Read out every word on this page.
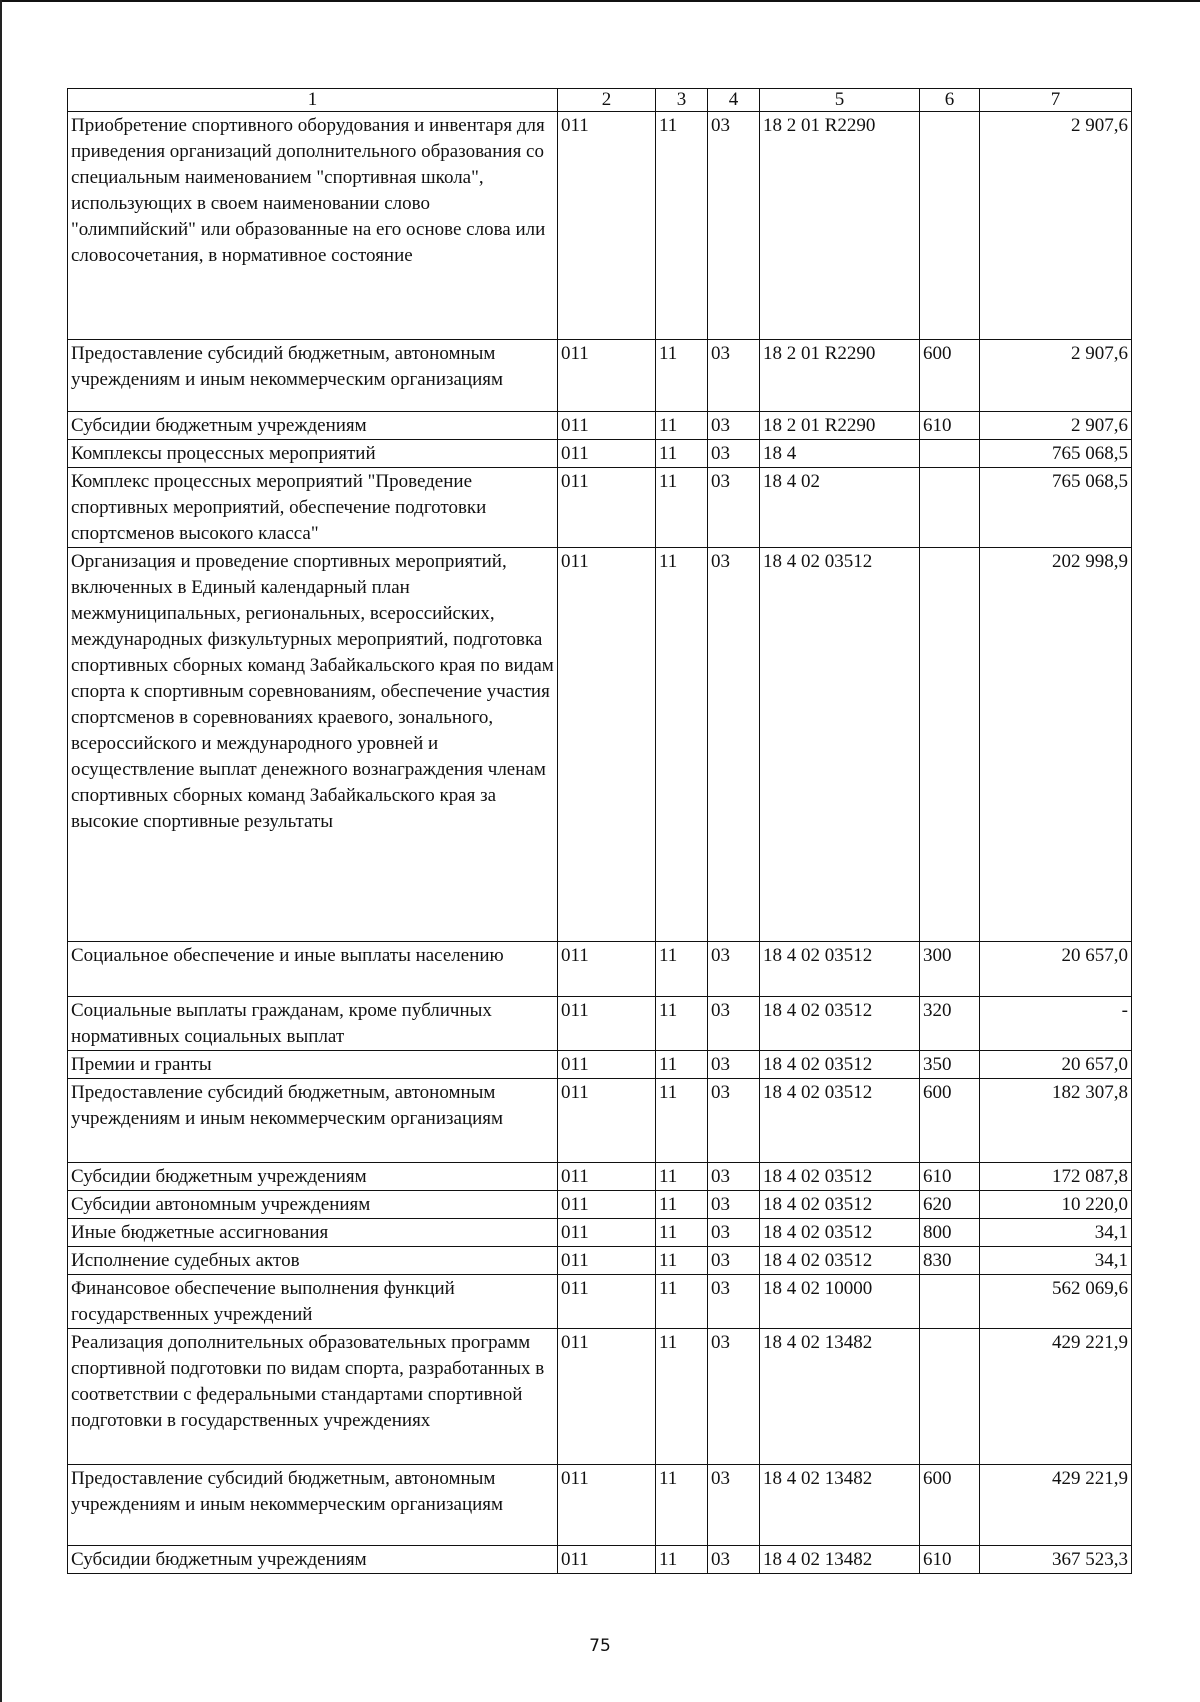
1	2	3	4	5	6	7
Приобретение спортивного оборудования и инвентаря для приведения организаций дополнительного образования со специальным наименованием "спортивная школа", использующих в своем наименовании слово "олимпийский" или образованные на его основе слова или словосочетания, в нормативное состояние	011	11	03	18 2 01 R2290		2 907,6
Предоставление субсидий бюджетным, автономным учреждениям и иным некоммерческим организациям	011	11	03	18 2 01 R2290	600	2 907,6
Субсидии бюджетным учреждениям	011	11	03	18 2 01 R2290	610	2 907,6
Комплексы процессных мероприятий	011	11	03	18 4		765 068,5
Комплекс процессных мероприятий "Проведение спортивных мероприятий, обеспечение подготовки спортсменов высокого класса"	011	11	03	18 4 02		765 068,5
Организация и проведение спортивных мероприятий, включенных в Единый календарный план межмуниципальных, региональных, всероссийских, международных физкультурных мероприятий, подготовка спортивных сборных команд Забайкальского края по видам спорта к спортивным соревнованиям, обеспечение участия спортсменов в соревнованиях краевого, зонального, всероссийского и международного уровней и осуществление выплат денежного вознаграждения членам спортивных сборных команд Забайкальского края за высокие спортивные результаты	011	11	03	18 4 02 03512		202 998,9
Социальное обеспечение и иные выплаты населению	011	11	03	18 4 02 03512	300	20 657,0
Социальные выплаты гражданам, кроме публичных нормативных социальных выплат	011	11	03	18 4 02 03512	320	-
Премии и гранты	011	11	03	18 4 02 03512	350	20 657,0
Предоставление субсидий бюджетным, автономным учреждениям и иным некоммерческим организациям	011	11	03	18 4 02 03512	600	182 307,8
Субсидии бюджетным учреждениям	011	11	03	18 4 02 03512	610	172 087,8
Субсидии автономным учреждениям	011	11	03	18 4 02 03512	620	10 220,0
Иные бюджетные ассигнования	011	11	03	18 4 02 03512	800	34,1
Исполнение судебных актов	011	11	03	18 4 02 03512	830	34,1
Финансовое обеспечение выполнения функций государственных учреждений	011	11	03	18 4 02 10000		562 069,6
Реализация дополнительных образовательных программ спортивной подготовки по видам спорта, разработанных в соответствии с федеральными стандартами спортивной подготовки в государственных учреждениях	011	11	03	18 4 02 13482		429 221,9
Предоставление субсидий бюджетным, автономным учреждениям и иным некоммерческим организациям	011	11	03	18 4 02 13482	600	429 221,9
Субсидии бюджетным учреждениям	011	11	03	18 4 02 13482	610	367 523,3
75
